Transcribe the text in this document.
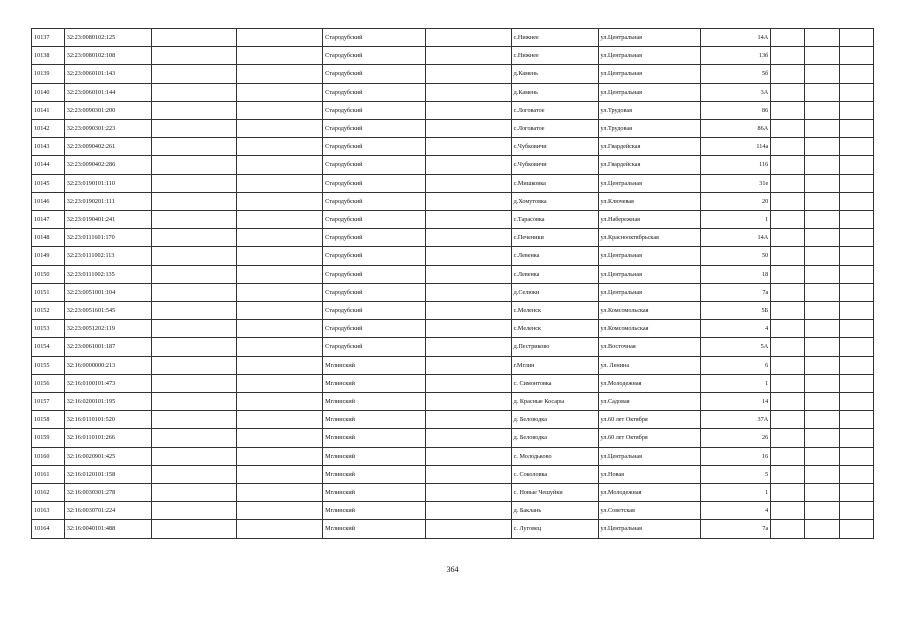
10137	32:23:0080102:125			Стародубский		с.Нижнее	ул.Центральная	14А			
10138	32:23:0080102:108			Стародубский		с.Нижнее	ул.Центральная	13б			
10139	32:23:0060101:143			Стародубский		д.Камень	ул.Центральная	5б			
10140	32:23:0060101:144			Стародубский		д.Камень	ул.Центральная	3А			
10141	32:23:0090301:200			Стародубский		с.Логоватое	ул.Трудовая	86			
10142	32:23:0090301:223			Стародубский		с.Логоватое	ул.Трудовая	86А			
10143	32:23:0090402:261			Стародубский		с.Чубковичи	ул.Гвардейская	114а			
10144	32:23:0090402:286			Стародубский		с.Чубковичи	ул.Гвардейская	116			
10145	32:23:0190101:110			Стародубский		с.Мишковка	ул.Центральная	31е			
10146	32:23:0190201:111			Стародубский		д.Хомутовка	ул.Ключевая	20			
10147	32:23:0190401:241			Стародубский		с.Тарасовка	ул.Набережная	1			
10148	32:23:0111601:170			Стародубский		с.Печеники	ул.Краснооктябрьская	14А			
10149	32:23:0111002:113			Стародубский		с.Левенка	ул.Центральная	50			
10150	32:23:0111002:135			Стародубский		с.Левенка	ул.Центральная	18			
10151	32:23:0051001:104			Стародубский		д.Селюки	ул.Центральная	7а			
10152	32:23:0051601:545			Стародубский		с.Меленск	ул.Комсомольская	5Б			
10153	32:23:0051202:119			Стародубский		с.Меленск	ул.Комсомольская	4			
10154	32:23:0061001:187			Стародубский		д.Пестриково	ул.Восточная	5А			
10155	32:16:0000000:213			Мглинский		г.Мглин	ул. Ленина	6			
10156	32:16:0100101:473			Мглинский		с. Симонтовка	ул.Молодежная	1			
10157	32:16:0200101:195			Мглинский		д. Красные Косары	ул.Садовая	14			
10158	32:16:0110101:520			Мглинский		д. Беловодка	ул.60 лет Октября	37А			
10159	32:16:0110101:266			Мглинский		д. Беловодка	ул.60 лет Октября	26			
10160	32:16:0020901:425			Мглинский		с. Молодьково	ул.Центральная	16			
10161	32:16:0120101:158			Мглинский		с. Соколовка	ул.Новая	5			
10162	32:16:0030301:278			Мглинский		с. Новые Чешуйки	ул.Молодежная	1			
10163	32:16:0030701:224			Мглинский		д. Баклань	ул.Советская	4			
10164	32:16:0040101:488			Мглинский		с. Луговец	ул.Центральная	7а			
364
